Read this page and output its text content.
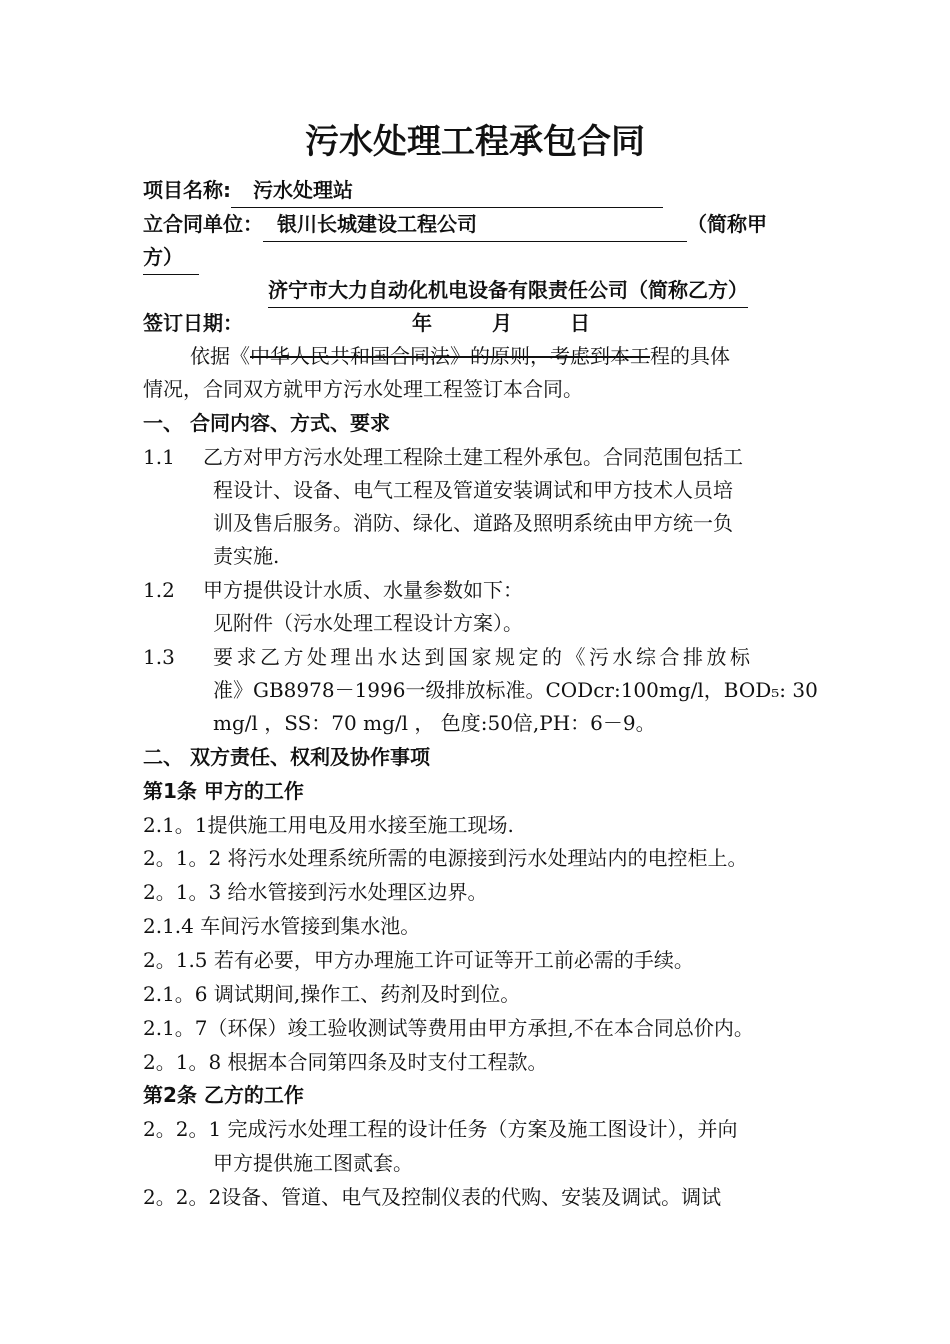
污水处理工程承包合同
项目名称: 污水处理站
立合同单位： 银川长城建设工程公司	（简称甲
方）
济宁市大力自动化机电设备有限责任公司（简称乙方）
签订日期：	年	月	日
依据《中华人民共和国合同法》的原则，考虑到本工程的具体
情况，合同双方就甲方污水处理工程签订本合同。
一、 合同内容、方式、要求
1.1 乙方对甲方污水处理工程除土建工程外承包。合同范围包括工
程设计、设备、电气工程及管道安装调试和甲方技术人员培
训及售后服务。消防、绿化、道路及照明系统由甲方统一负
责实施.
1.2 甲方提供设计水质、水量参数如下：
见附件（污水处理工程设计方案）。
1.3 要求乙方处理出水达到国家规定的《污水综合排放标
准》GB8978－1996一级排放标准。CODcr:100mg/l，BOD₅: 30
mg/l ，SS：70 mg/l ， 色度:50倍,PH：6－9。
二、 双方责任、权利及协作事项
第1条 甲方的工作
2.1。1提供施工用电及用水接至施工现场.
2。1。2 将污水处理系统所需的电源接到污水处理站内的电控柜上。
2。1。3 给水管接到污水处理区边界。
2.1.4 车间污水管接到集水池。
2。1.5 若有必要，甲方办理施工许可证等开工前必需的手续。
2.1。6 调试期间,操作工、药剂及时到位。
2.1。7（环保）竣工验收测试等费用由甲方承担,不在本合同总价内。
2。1。8 根据本合同第四条及时支付工程款。
第2条 乙方的工作
2。2。1 完成污水处理工程的设计任务（方案及施工图设计），并向
甲方提供施工图贰套。
2。2。2设备、管道、电气及控制仪表的代购、安装及调试。调试
